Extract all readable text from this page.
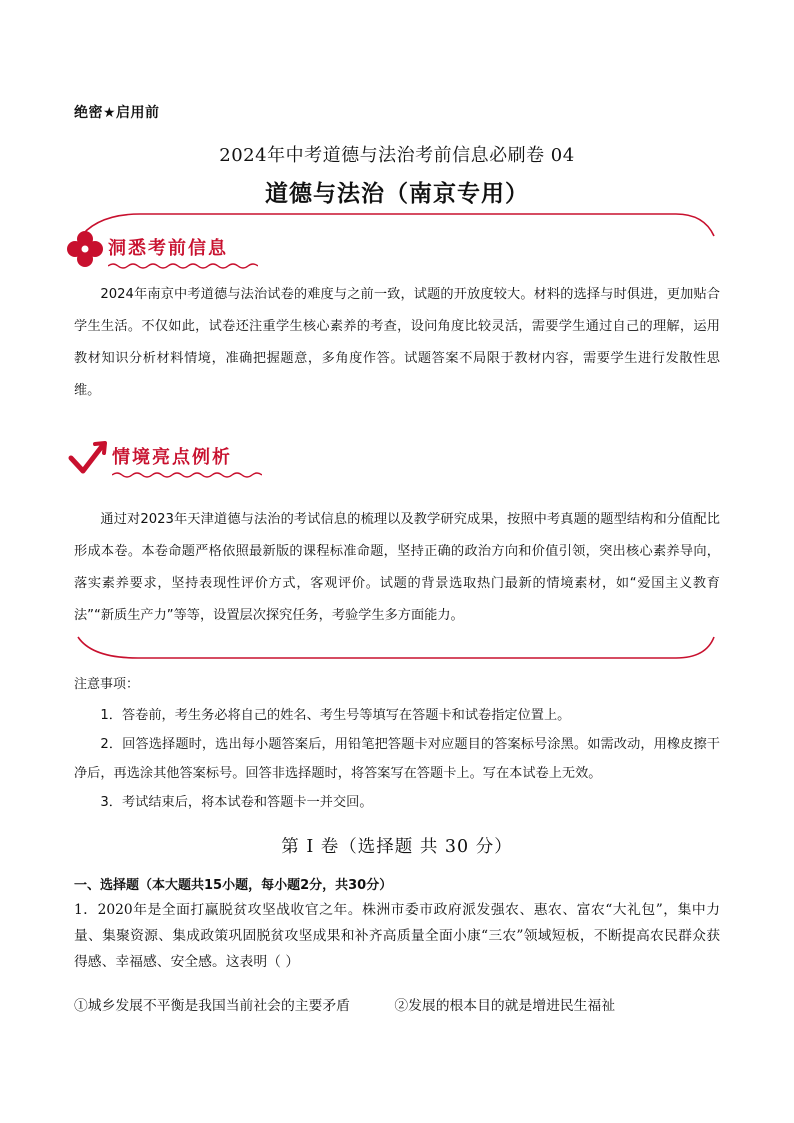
绝密★启用前
2024年中考道德与法治考前信息必刷卷 04
道德与法治（南京专用）
洞悉考前信息

2024年南京中考道德与法治试卷的难度与之前一致，试题的开放度较大。材料的选择与时俱进，更加贴合学生生活。不仅如此，试卷还注重学生核心素养的考查，设问角度比较灵活，需要学生通过自己的理解，运用教材知识分析材料情境，准确把握题意，多角度作答。试题答案不局限于教材内容，需要学生进行发散性思维。

情境亮点例析

通过对2023年天津道德与法治的考试信息的梳理以及教学研究成果，按照中考真题的题型结构和分值配比形成本卷。本卷命题严格依照最新版的课程标准命题，坚持正确的政治方向和价值引领，突出核心素养导向，落实素养要求，坚持表现性评价方式，客观评价。试题的背景选取热门最新的情境素材，如“爱国主义教育法”“新质生产力”等等，设置层次探究任务，考验学生多方面能力。

注意事项：
1．答卷前，考生务必将自己的姓名、考生号等填写在答题卡和试卷指定位置上。
2．回答选择题时，选出每小题答案后，用铅笔把答题卡对应题目的答案标号涂黑。如需改动，用橡皮擦干净后，再选涂其他答案标号。回答非选择题时，将答案写在答题卡上。写在本试卷上无效。
3．考试结束后，将本试卷和答题卡一并交回。
第 I 卷（选择题 共 30 分）
一、选择题（本大题共15小题，每小题2分，共30分）

1．2020年是全面打赢脱贫攻坚战收官之年。株洲市委市政府派发强农、惠农、富农“大礼包”，集中力量、集聚资源、集成政策巩固脱贫攻坚成果和补齐高质量全面小康“三农”领域短板，不断提高农民群众获得感、幸福感、安全感。这表明（ ）

①城乡发展不平衡是我国当前社会的主要矛盾	②发展的根本目的就是增进民生福祉
